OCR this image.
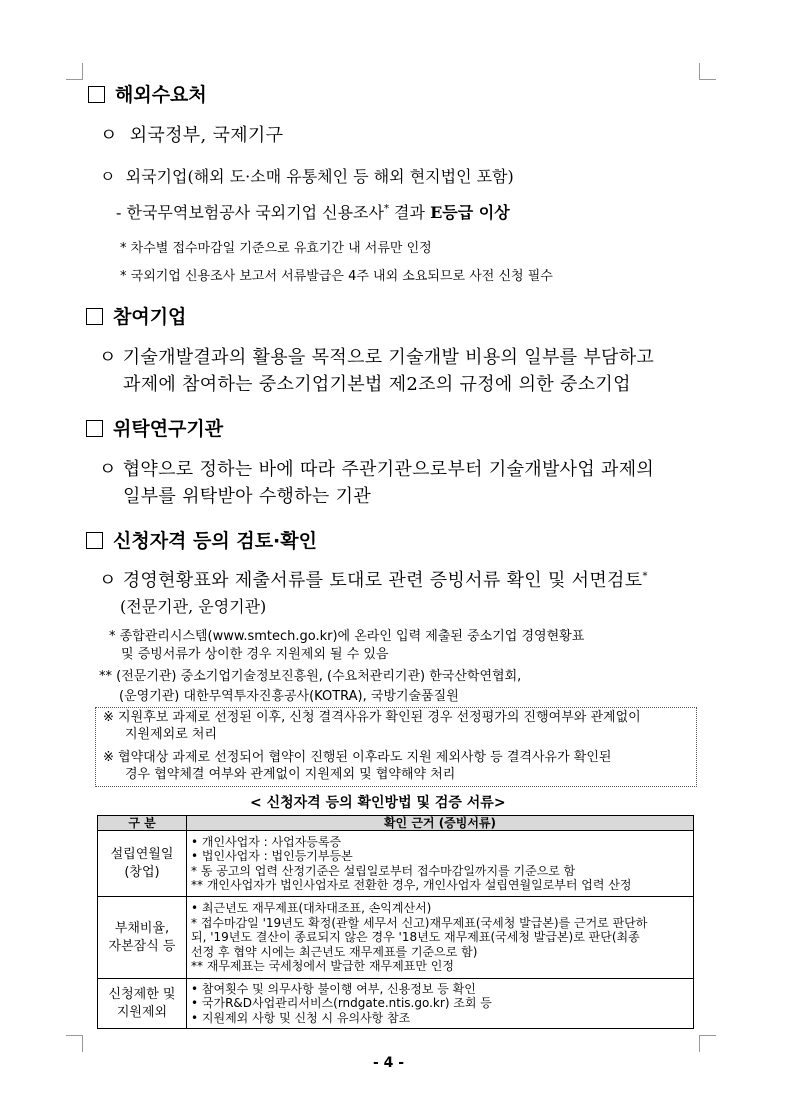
해외수요처
ㅇ  외국정부, 국제기구
ㅇ  외국기업(해외 도·소매 유통체인 등 해외 현지법인 포함)
- 한국무역보험공사 국외기업 신용조사* 결과 E등급 이상
* 차수별 접수마감일 기준으로 유효기간 내 서류만 인정
* 국외기업 신용조사 보고서 서류발급은 4주 내외 소요되므로 사전 신청 필수
참여기업
ㅇ 기술개발결과의 활용을 목적으로 기술개발 비용의 일부를 부담하고
과제에 참여하는 중소기업기본법 제2조의 규정에 의한 중소기업
위탁연구기관
ㅇ 협약으로 정하는 바에 따라 주관기관으로부터 기술개발사업 과제의
일부를 위탁받아 수행하는 기관
신청자격 등의 검토·확인
ㅇ 경영현황표와 제출서류를 토대로 관련 증빙서류 확인 및 서면검토*
(전문기관, 운영기관)
* 종합관리시스템(www.smtech.go.kr)에 온라인 입력 제출된 중소기업 경영현황표
및 증빙서류가 상이한 경우 지원제외 될 수 있음
** (전문기관) 중소기업기술정보진흥원, (수요처관리기관) 한국산학연협회,
(운영기관) 대한무역투자진흥공사(KOTRA), 국방기술품질원
※ 지원후보 과제로 선정된 이후, 신청 결격사유가 확인된 경우 선정평가의 진행여부와 관계없이
지원제외로 처리
※ 협약대상 과제로 선정되어 협약이 진행된 이후라도 지원 제외사항 등 결격사유가 확인된
경우 협약체결 여부와 관계없이 지원제외 및 협약해약 처리
< 신청자격 등의 확인방법 및 검증 서류>
구 분	확인 근거 (증빙서류)

설립연월일
(창업)	• 개인사업자 : 사업자등록증
• 법인사업자 : 법인등기부등본
* 동 공고의 업력 산정기준은 설립일로부터 접수마감일까지를 기준으로 함
** 개인사업자가 법인사업자로 전환한 경우, 개인사업자 설립연월일로부터 업력 산정

부채비율,
자본잠식 등	• 최근년도 재무제표(대차대조표, 손익계산서)
* 접수마감일 '19년도 확정(관할 세무서 신고)재무제표(국세청 발급본)를 근거로 판단하
되, '19년도 결산이 종료되지 않은 경우 '18년도 재무제표(국세청 발급본)로 판단(최종
선정 후 협약 시에는 최근년도 재무제표를 기준으로 함)
** 재무제표는 국세청에서 발급한 재무제표만 인정

신청제한 및
지원제외	• 참여횟수 및 의무사항 불이행 여부, 신용정보 등 확인
• 국가R&D사업관리서비스(rndgate.ntis.go.kr) 조회 등
• 지원제외 사항 및 신청 시 유의사항 참조
- 4 -
